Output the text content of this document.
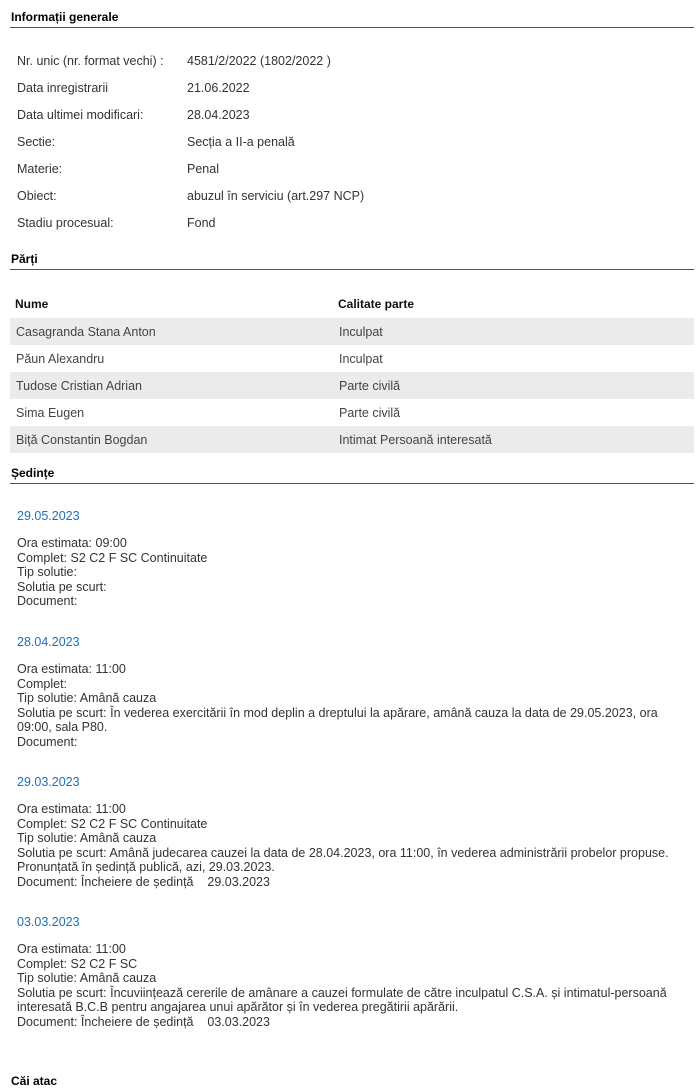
Informații generale
Nr. unic (nr. format vechi) :	4581/2/2022 (1802/2022 )
Data inregistrarii	21.06.2022
Data ultimei modificari:	28.04.2023
Sectie:	Secția a II-a penală
Materie:	Penal
Obiect:	abuzul în serviciu (art.297 NCP)
Stadiu procesual:	Fond
Părți
Nume	Calitate parte
Casagranda Stana Anton	Inculpat
Păun Alexandru	Inculpat
Tudose Cristian Adrian	Parte civilă
Sima Eugen	Parte civilă
Biță Constantin Bogdan	Intimat Persoană interesată
Ședințe
29.05.2023
Ora estimata: 09:00
Complet: S2 C2 F SC Continuitate
Tip solutie:
Solutia pe scurt:
Document:
28.04.2023
Ora estimata: 11:00
Complet:
Tip solutie: Amână cauza
Solutia pe scurt: În vederea exercitării în mod deplin a dreptului la apărare, amână cauza la data de 29.05.2023, ora 09:00, sala P80.
Document:
29.03.2023
Ora estimata: 11:00
Complet: S2 C2 F SC Continuitate
Tip solutie: Amână cauza
Solutia pe scurt: Amână judecarea cauzei la data de 28.04.2023, ora 11:00, în vederea administrării probelor propuse. Pronunțată în ședință publică, azi, 29.03.2023.
Document: Încheiere de ședință    29.03.2023
03.03.2023
Ora estimata: 11:00
Complet: S2 C2 F SC
Tip solutie: Amână cauza
Solutia pe scurt: Încuviințează cererile de amânare a cauzei formulate de către inculpatul C.S.A. și intimatul-persoană interesată B.C.B pentru angajarea unui apărător și în vederea pregătirii apărării.
Document: Încheiere de ședință    03.03.2023
Căi atac
